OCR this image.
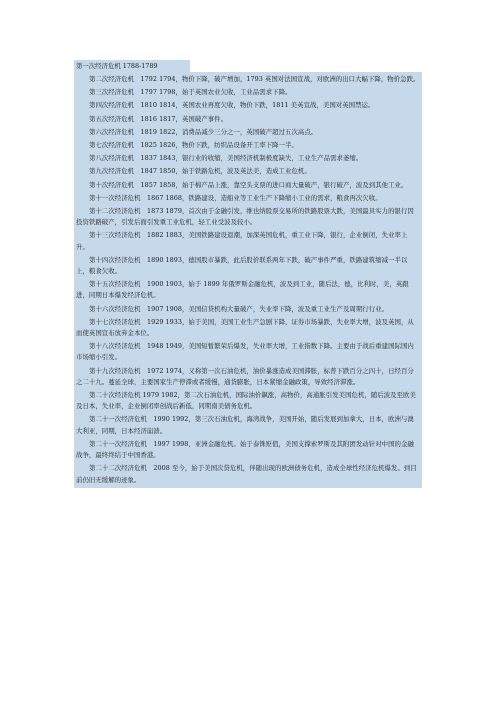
第一次经济危机 1788-1789

第二次经济危机　1792 1794，物价下降，破产增加，1793 英国对法国宣战，对欧洲的出口大幅下降，物价急跌。

第三次经济危机　1797 1798，始于英国农业欠收，工业品需求下降。

第四次经济危机　1810 1814，英国农业再度欠收，物价下跌，1811 美英宣战，美国对英国禁运。

第五次经济危机　1816 1817，英国破产事件。

第六次经济危机　1819 1822，消费品减少三分之一，英国破产超过五次高点。

第七次经济危机　1825 1826，物价下跌，纺织品设备开工率下降一半。

第八次经济危机　1837 1843，银行业的收缩，美国经济机制极度缺失，工业生产品需求萎缩。

第九次经济危机　1847 1850，始于铁路危机，波及英法美，造成工业危机。

第十次经济危机　1857 1858，始于棉产品上涨，靠空头支票的进口商大量破产，银行破产，波及到其他工业。

第十一次经济危机　1867 1868，铁路建设，造船业等工业生产下降缩小工业的需求，粮食再次欠收。

第十二次经济危机　1873 1879，首次由于金融引发，维也纳股票交易所的铁路股票大跌，美国最具实力的银行因投资铁路破产，引发后面引发重工业危机，轻工业受波及较小。

第十三次经济危机　1882 1883，美国铁路建设退潮，加深英国危机，重工业下降，银行，企业倒闭，失业率上升。

第十四次经济危机　1890 1893，德国股市暴跌，此后股价联系两年下跌，破产事件严重，铁路建筑缩减一半以上，粮食欠收。

第十五次经济危机　1900 1903，始于 1899 年俄罗斯金融危机，波及到工业，随后法，德，比利时，美，英跟进，同期日本爆发经济危机。

第十六次经济危机　1907 1908，美国信贷机构大量破产，失业率下降，波及重工业生产及周期行行业。

第十七次经济危机　1929 1933，始于美国，美国工业生产急剧下降，证券市场暴跌，失业率大增，波及英国，从而使英国宣布放弃金本位。

第十八次经济危机　1948 1949，美国短暂繁荣后爆发，失业率大增，工业指数下降。主要由于战后重建国际国内市场缩小引发。

第十九次经济危机　1972 1974，又称第一次石油危机，油价暴涨造成美国滞胀，标普下跌百分之四十，日经百分之二十九。蔓延全球，主要国家生产停滞或者缓慢，通货膨胀，日本紧缩金融政策，导致经济滞涨。

第二十次经济危机 1979 1982，第二次石油危机，国际油价飙涨，高物价，高通胀引发美国危机，随后波及至欧美及日本，失业率，企业倒闭率创战后新低，同期南美债务危机。

第二十一次经济危机　1990 1992，第三次石油危机，海湾战争，美国开始，随后发展到加拿大，日本，欧洲与澳大利亚，同期，日本经济崩溃。

第二十一次经济危机　1997 1998，亚洲金融危机。始于泰铢贬值，美国支撑索罗斯及其附团发动针对中国的金融战争，最终终结于中国香港。

第二十二次经济危机　2008 至今，始于美国次贷危机，伴随出现的欧洲债务危机，造成全球性经济危机爆发。到目前仍旧无缓解的迹象。
